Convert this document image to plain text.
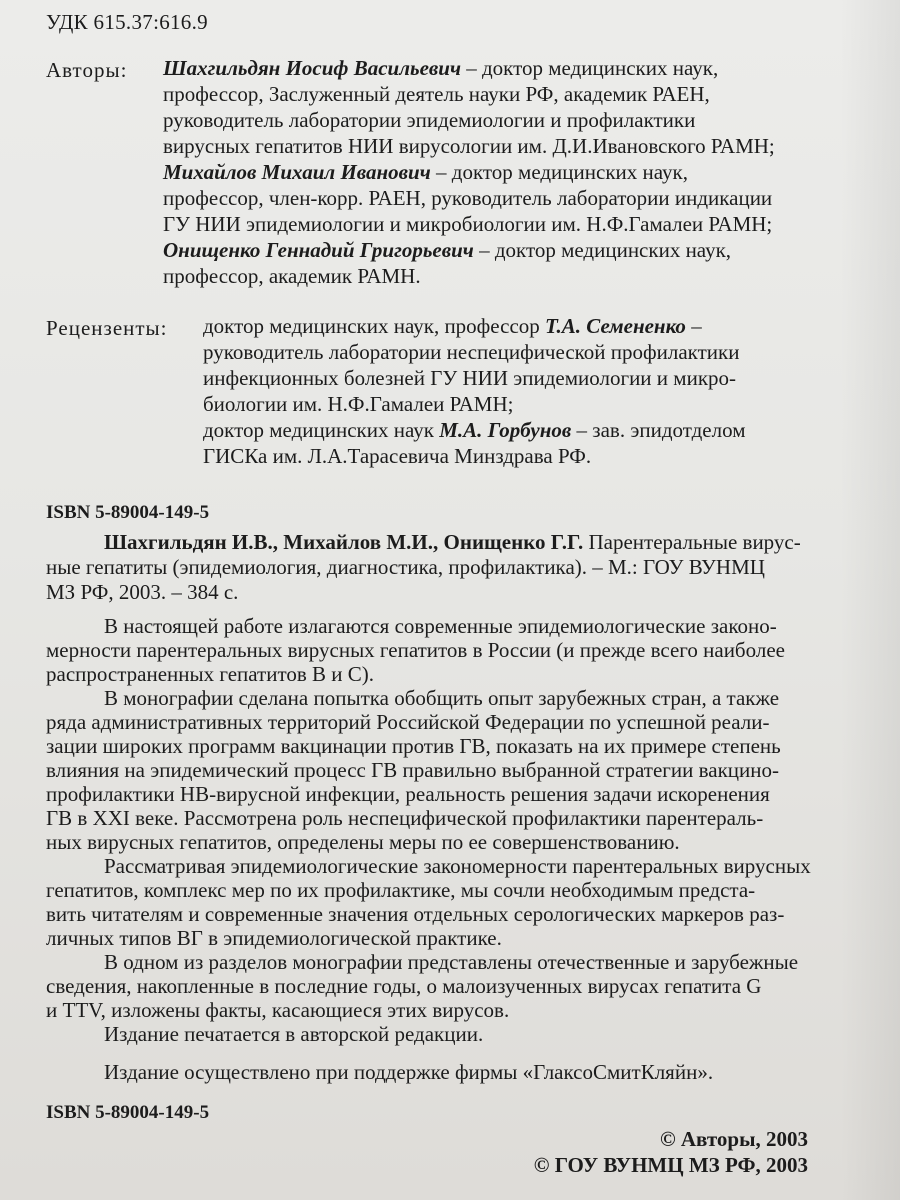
УДК 615.37:616.9
Авторы: Шахгильдян Иосиф Васильевич – доктор медицинских наук,
профессор, Заслуженный деятель науки РФ, академик РАЕН,
руководитель лаборатории эпидемиологии и профилактики
вирусных гепатитов НИИ вирусологии им. Д.И.Ивановского РАМН;
Михайлов Михаил Иванович – доктор медицинских наук,
профессор, член-корр. РАЕН, руководитель лаборатории индикации
ГУ НИИ эпидемиологии и микробиологии им. Н.Ф.Гамалеи РАМН;
Онищенко Геннадий Григорьевич – доктор медицинских наук,
профессор, академик РАМН.
Рецензенты: доктор медицинских наук, профессор Т.А. Семененко –
руководитель лаборатории неспецифической профилактики
инфекционных болезней ГУ НИИ эпидемиологии и микро-
биологии им. Н.Ф.Гамалеи РАМН;
доктор медицинских наук М.А. Горбунов – зав. эпидотделом
ГИСКа им. Л.А.Тарасевича Минздрава РФ.
ISBN 5-89004-149-5
Шахгильдян И.В., Михайлов М.И., Онищенко Г.Г. Парентеральные вирус-
ные гепатиты (эпидемиология, диагностика, профилактика). – М.: ГОУ ВУНМЦ
МЗ РФ, 2003. – 384 с.
В настоящей работе излагаются современные эпидемиологические законо-
мерности парентеральных вирусных гепатитов в России (и прежде всего наиболее
распространенных гепатитов В и С).
В монографии сделана попытка обобщить опыт зарубежных стран, а также
ряда административных территорий Российской Федерации по успешной реали-
зации широких программ вакцинации против ГВ, показать на их примере степень
влияния на эпидемический процесс ГВ правильно выбранной стратегии вакцино-
профилактики НВ-вирусной инфекции, реальность решения задачи искоренения
ГВ в XXI веке. Рассмотрена роль неспецифической профилактики парентераль-
ных вирусных гепатитов, определены меры по ее совершенствованию.
Рассматривая эпидемиологические закономерности парентеральных вирусных
гепатитов, комплекс мер по их профилактике, мы сочли необходимым предста-
вить читателям и современные значения отдельных серологических маркеров раз-
личных типов ВГ в эпидемиологической практике.
В одном из разделов монографии представлены отечественные и зарубежные
сведения, накопленные в последние годы, о малоизученных вирусах гепатита G
и TTV, изложены факты, касающиеся этих вирусов.
Издание печатается в авторской редакции.
Издание осуществлено при поддержке фирмы «ГлаксоСмитКляйн».
ISBN 5-89004-149-5
© Авторы, 2003
© ГОУ ВУНМЦ МЗ РФ, 2003
